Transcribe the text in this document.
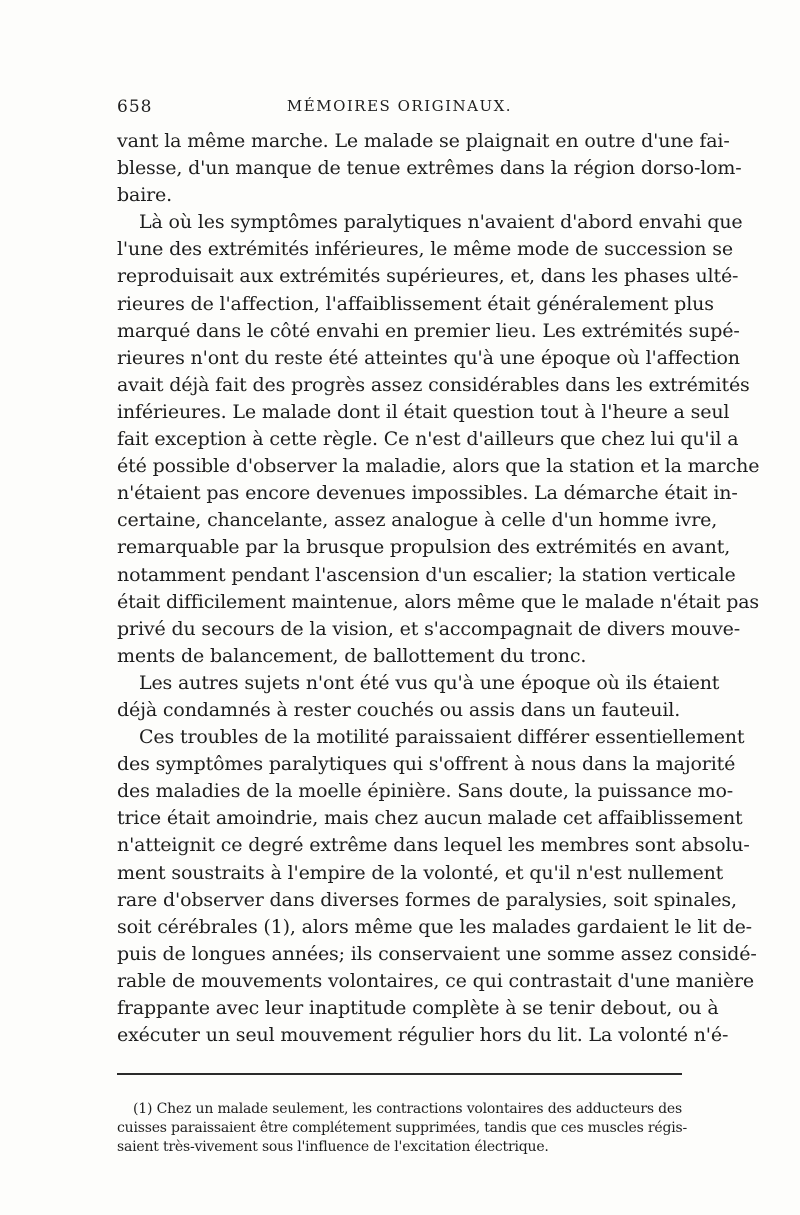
658	MÉMOIRES ORIGINAUX.
vant la même marche. Le malade se plaignait en outre d'une fai-
blesse, d'un manque de tenue extrêmes dans la région dorso-lom-
baire.
Là où les symptômes paralytiques n'avaient d'abord envahi que
l'une des extrémités inférieures, le même mode de succession se
reproduisait aux extrémités supérieures, et, dans les phases ulté-
rieures de l'affection, l'affaiblissement était généralement plus
marqué dans le côté envahi en premier lieu. Les extrémités supé-
rieures n'ont du reste été atteintes qu'à une époque où l'affection
avait déjà fait des progrès assez considérables dans les extrémités
inférieures. Le malade dont il était question tout à l'heure a seul
fait exception à cette règle. Ce n'est d'ailleurs que chez lui qu'il a
été possible d'observer la maladie, alors que la station et la marche
n'étaient pas encore devenues impossibles. La démarche était in-
certaine, chancelante, assez analogue à celle d'un homme ivre,
remarquable par la brusque propulsion des extrémités en avant,
notamment pendant l'ascension d'un escalier; la station verticale
était difficilement maintenue, alors même que le malade n'était pas
privé du secours de la vision, et s'accompagnait de divers mouve-
ments de balancement, de ballottement du tronc.
Les autres sujets n'ont été vus qu'à une époque où ils étaient
déjà condamnés à rester couchés ou assis dans un fauteuil.
Ces troubles de la motilité paraissaient différer essentiellement
des symptômes paralytiques qui s'offrent à nous dans la majorité
des maladies de la moelle épinière. Sans doute, la puissance mo-
trice était amoindrie, mais chez aucun malade cet affaiblissement
n'atteignit ce degré extrême dans lequel les membres sont absolu-
ment soustraits à l'empire de la volonté, et qu'il n'est nullement
rare d'observer dans diverses formes de paralysies, soit spinales,
soit cérébrales (1), alors même que les malades gardaient le lit de-
puis de longues années; ils conservaient une somme assez considé-
rable de mouvements volontaires, ce qui contrastait d'une manière
frappante avec leur inaptitude complète à se tenir debout, ou à
exécuter un seul mouvement régulier hors du lit. La volonté n'é-
(1) Chez un malade seulement, les contractions volontaires des adducteurs des
cuisses paraissaient être complétement supprimées, tandis que ces muscles régis-
saient très-vivement sous l'influence de l'excitation électrique.
